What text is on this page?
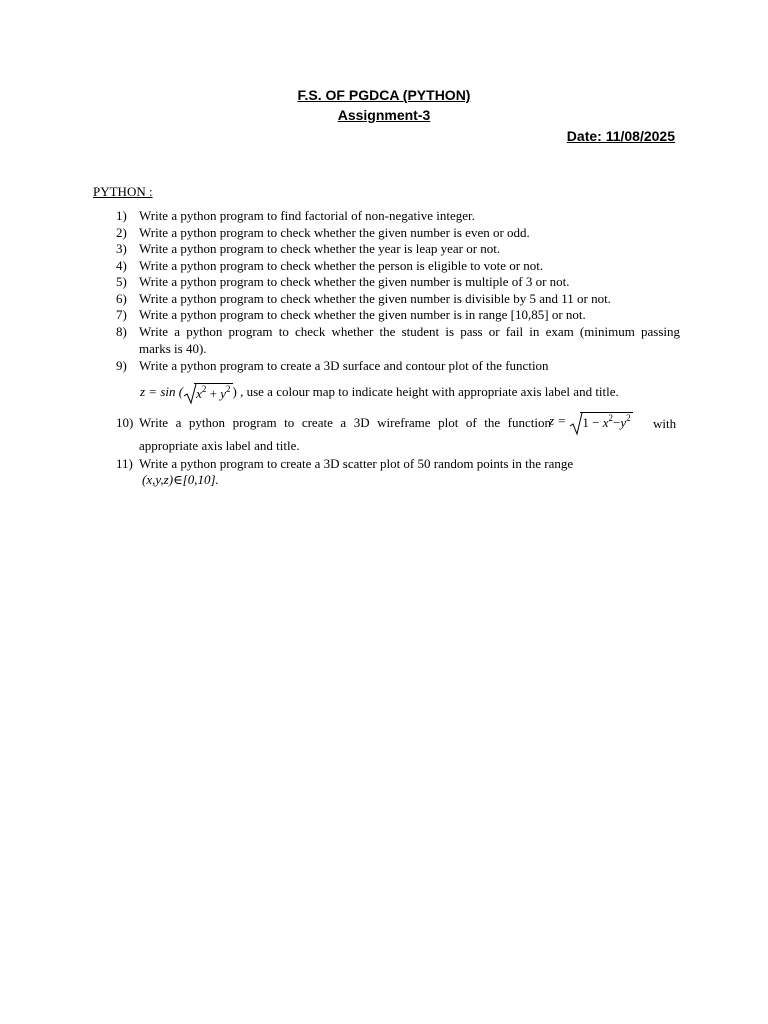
F.S. OF PGDCA (PYTHON)
Assignment-3
Date: 11/08/2025
PYTHON :
1) Write a python program to find factorial of non-negative integer.
2) Write a python program to check whether the given number is even or odd.
3) Write a python program to check whether the year is leap year or not.
4) Write a python program to check whether the person is eligible to vote or not.
5) Write a python program to check whether the given number is multiple of 3 or not.
6) Write a python program to check whether the given number is divisible by 5 and 11 or not.
7) Write a python program to check whether the given number is in range [10,85] or not.
8) Write a python program to check whether the student is pass or fail in exam (minimum passing
marks is 40).
9) Write a python program to create a 3D surface and contour plot of the function
z = sin ( $x^2 + y^2$ ) , use a colour map to indicate height with appropriate axis label and title.
10) Write a python program to create a 3D wireframe plot of the function
appropriate axis label and title.
$z = 1 - x^2-y^2$ with
11) Write a python program to create a 3D scatter plot of 50 random points in the range
(x,y,z)∈[0,10].
